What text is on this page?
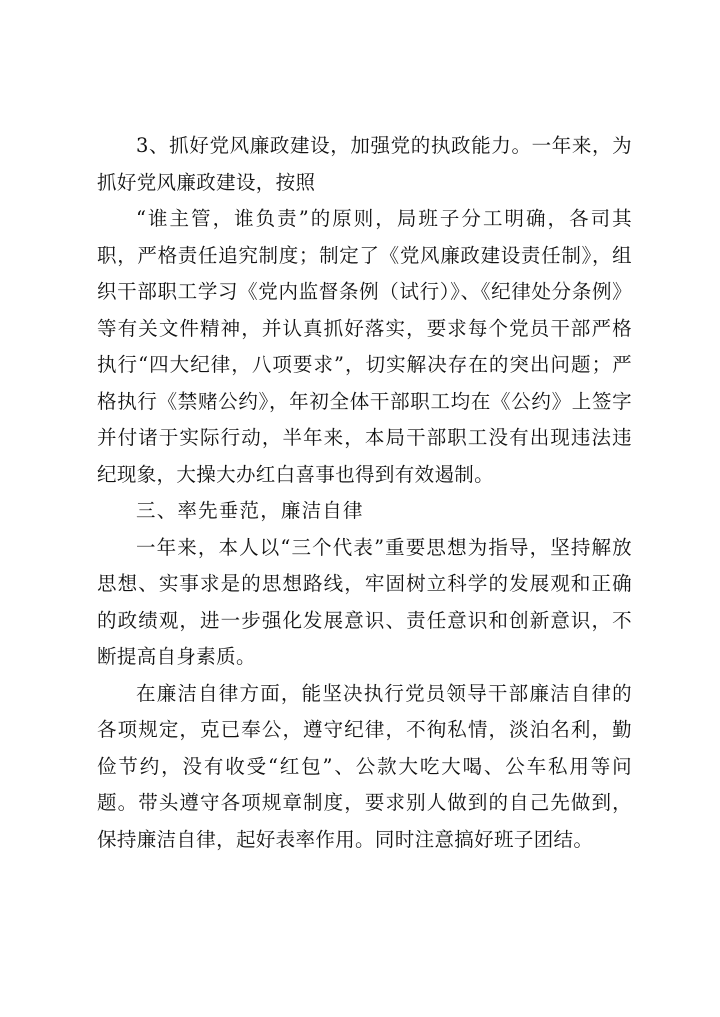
3、抓好党风廉政建设，加强党的执政能力。一年来，为抓好党风廉政建设，按照

“谁主管，谁负责”的原则，局班子分工明确，各司其职，严格责任追究制度；制定了《党风廉政建设责任制》，组织干部职工学习《党内监督条例（试行）》、《纪律处分条例》等有关文件精神，并认真抓好落实，要求每个党员干部严格执行“四大纪律，八项要求”，切实解决存在的突出问题；严格执行《禁赌公约》，年初全体干部职工均在《公约》上签字并付诸于实际行动，半年来，本局干部职工没有出现违法违纪现象，大操大办红白喜事也得到有效遏制。

三、率先垂范，廉洁自律

一年来，本人以“三个代表”重要思想为指导，坚持解放思想、实事求是的思想路线，牢固树立科学的发展观和正确的政绩观，进一步强化发展意识、责任意识和创新意识，不断提高自身素质。

在廉洁自律方面，能坚决执行党员领导干部廉洁自律的各项规定，克已奉公，遵守纪律，不徇私情，淡泊名利，勤俭节约，没有收受“红包”、公款大吃大喝、公车私用等问题。带头遵守各项规章制度，要求别人做到的自己先做到，保持廉洁自律，起好表率作用。同时注意搞好班子团结。
